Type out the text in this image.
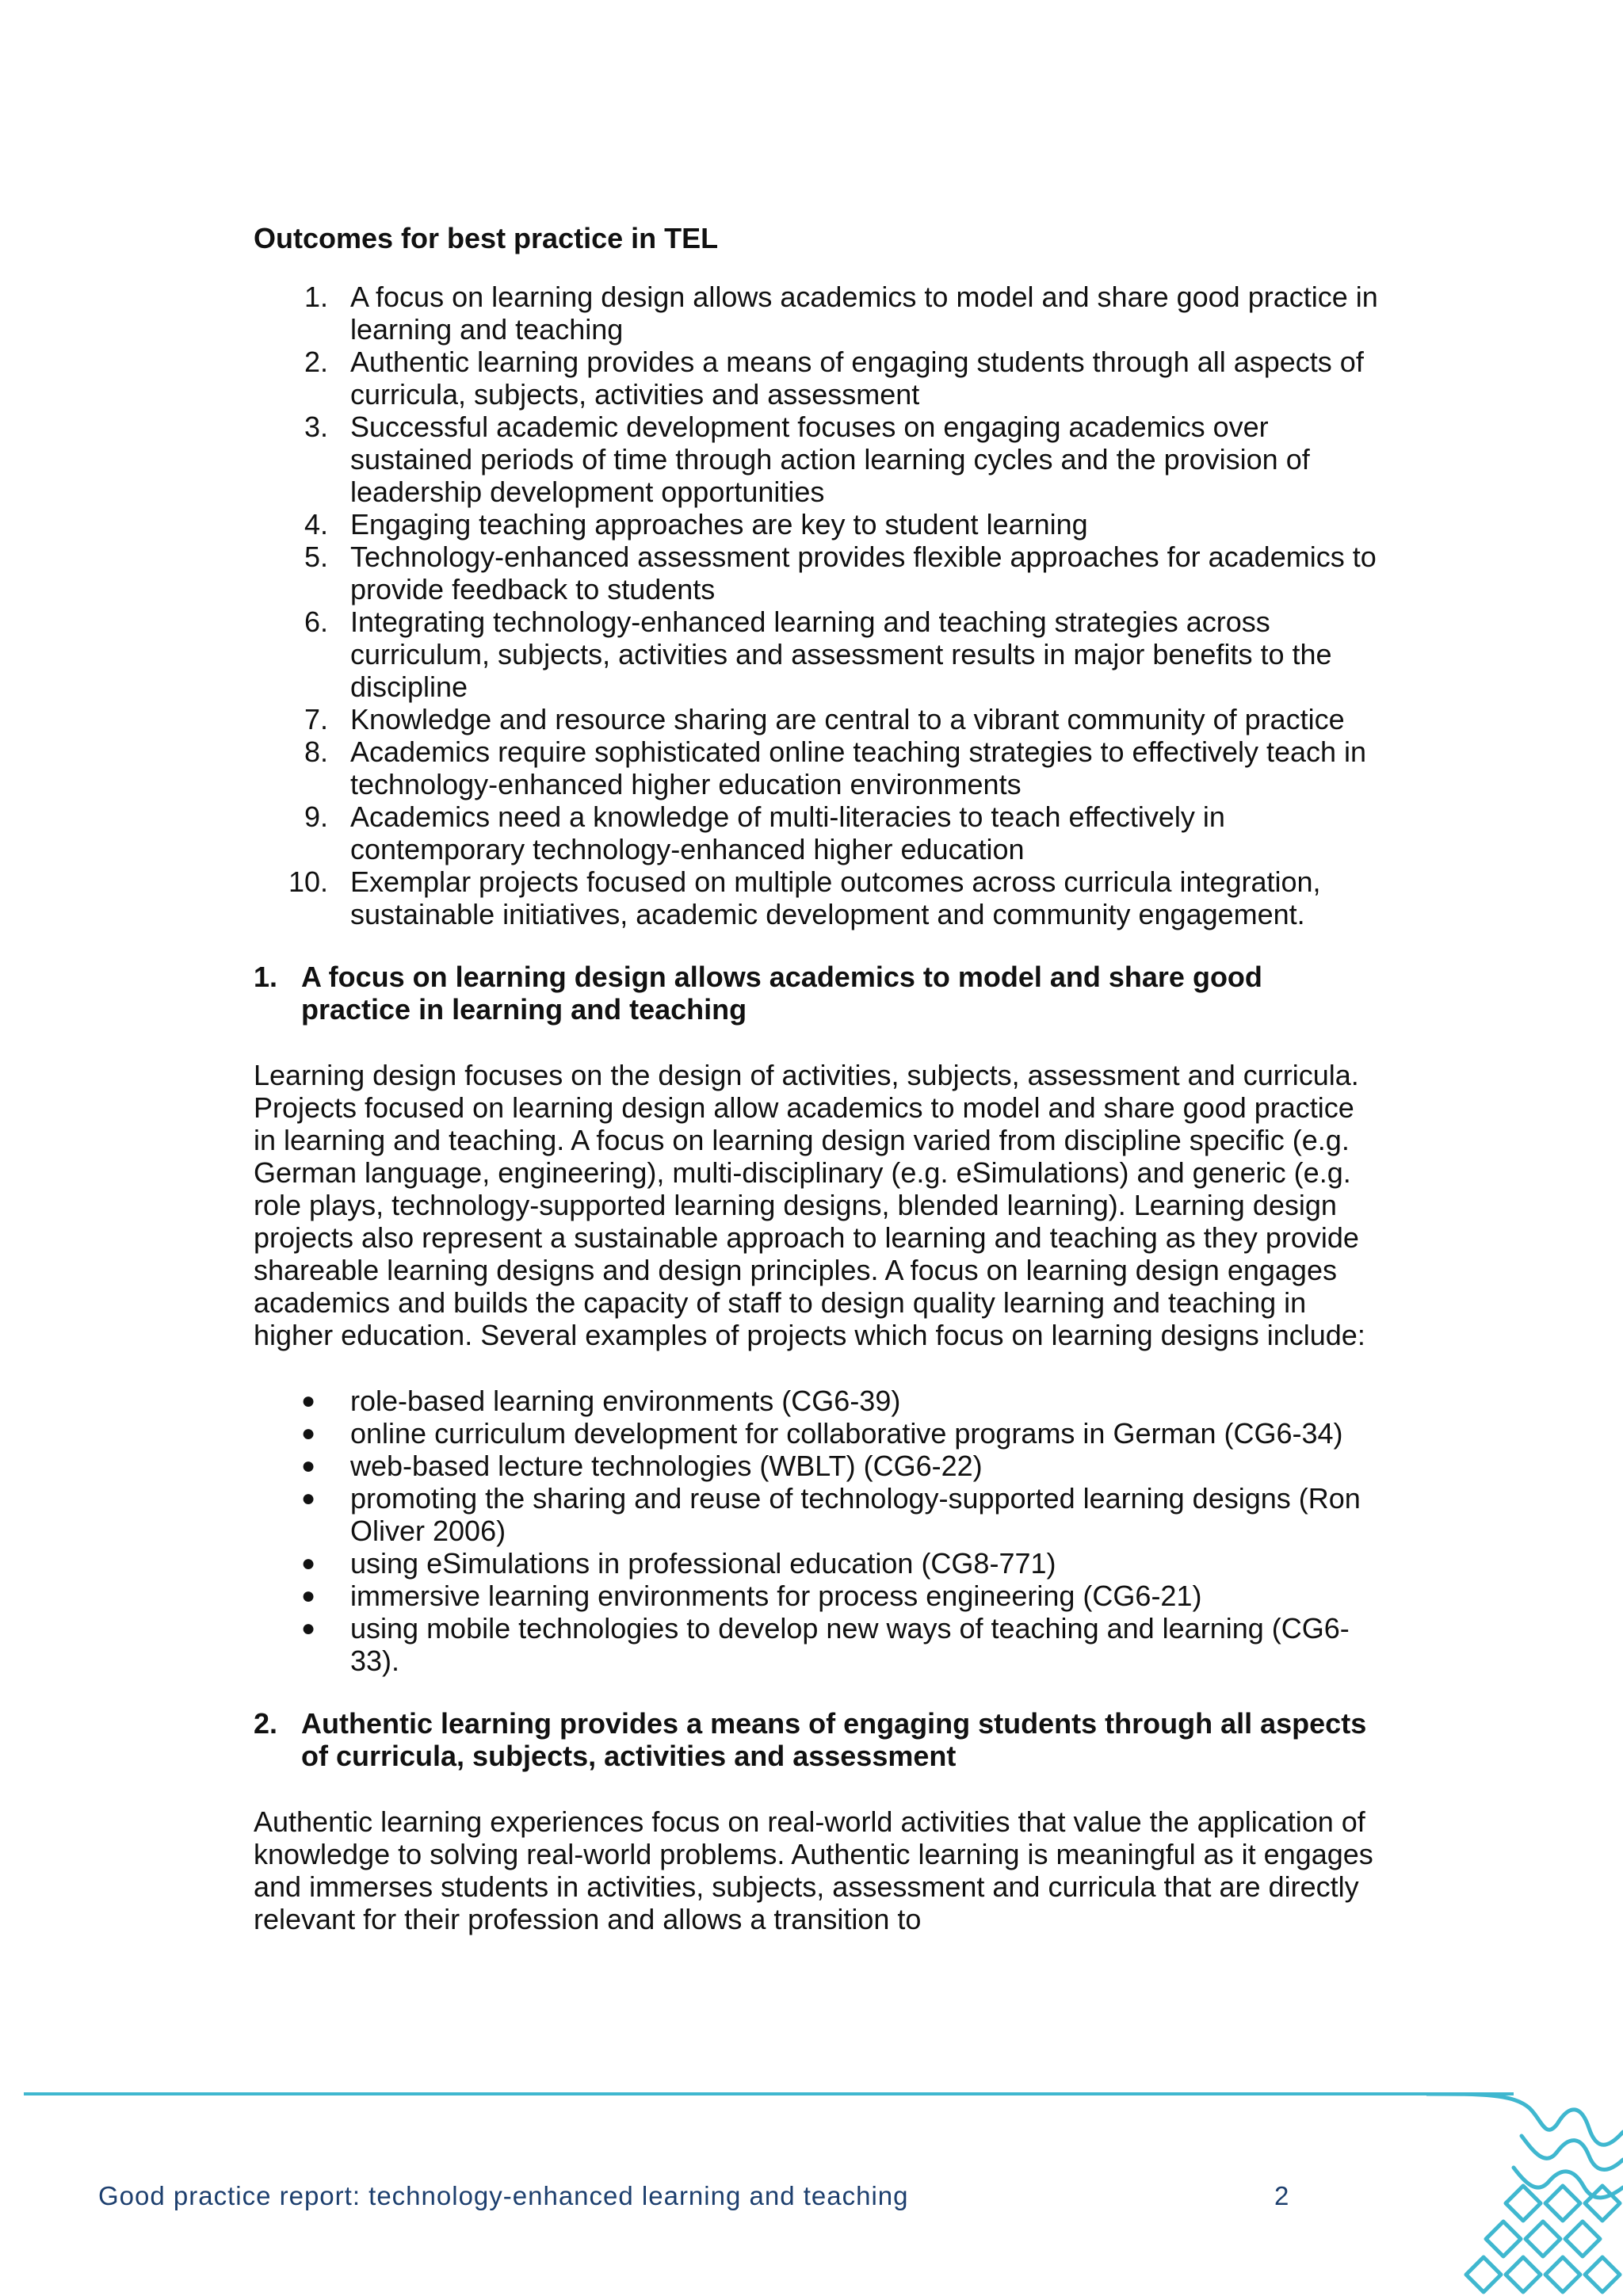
Outcomes for best practice in TEL
1. A focus on learning design allows academics to model and share good practice in learning and teaching
2. Authentic learning provides a means of engaging students through all aspects of curricula, subjects, activities and assessment
3. Successful academic development focuses on engaging academics over sustained periods of time through action learning cycles and the provision of leadership development opportunities
4. Engaging teaching approaches are key to student learning
5. Technology-enhanced assessment provides flexible approaches for academics to provide feedback to students
6. Integrating technology-enhanced learning and teaching strategies across curriculum, subjects, activities and assessment results in major benefits to the discipline
7. Knowledge and resource sharing are central to a vibrant community of practice
8. Academics require sophisticated online teaching strategies to effectively teach in technology-enhanced higher education environments
9. Academics need a knowledge of multi-literacies to teach effectively in contemporary technology-enhanced higher education
10. Exemplar projects focused on multiple outcomes across curricula integration, sustainable initiatives, academic development and community engagement.
1. A focus on learning design allows academics to model and share good practice in learning and teaching

Learning design focuses on the design of activities, subjects, assessment and curricula. Projects focused on learning design allow academics to model and share good practice in learning and teaching. A focus on learning design varied from discipline specific (e.g. German language, engineering), multi-disciplinary (e.g. eSimulations) and generic (e.g. role plays, technology-supported learning designs, blended learning). Learning design projects also represent a sustainable approach to learning and teaching as they provide shareable learning designs and design principles. A focus on learning design engages academics and builds the capacity of staff to design quality learning and teaching in higher education. Several examples of projects which focus on learning designs include:

● role-based learning environments (CG6-39)
● online curriculum development for collaborative programs in German (CG6-34)
● web-based lecture technologies (WBLT) (CG6-22)
● promoting the sharing and reuse of technology-supported learning designs (Ron Oliver 2006)
● using eSimulations in professional education (CG8-771)
● immersive learning environments for process engineering (CG6-21)
● using mobile technologies to develop new ways of teaching and learning (CG6-33).
2. Authentic learning provides a means of engaging students through all aspects of curricula, subjects, activities and assessment

Authentic learning experiences focus on real-world activities that value the application of knowledge to solving real-world problems. Authentic learning is meaningful as it engages and immerses students in activities, subjects, assessment and curricula that are directly relevant for their profession and allows a transition to

Good practice report: technology-enhanced learning and teaching	2
